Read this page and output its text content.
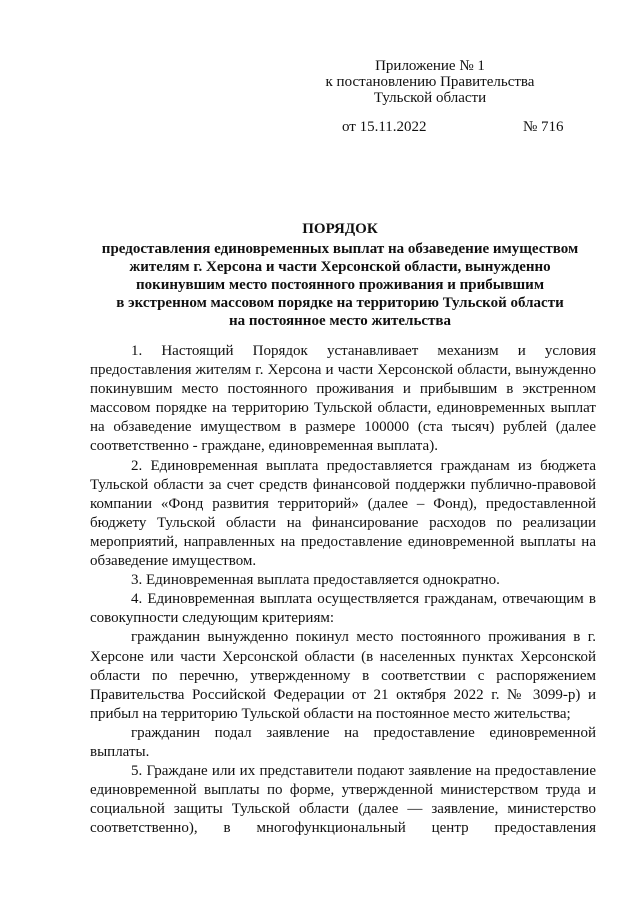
Приложение № 1
к постановлению Правительства
Тульской области
от 15.11.2022	№ 716
ПОРЯДОК
предоставления единовременных выплат на обзаведение имуществом
жителям г. Херсона и части Херсонской области, вынужденно
покинувшим место постоянного проживания и прибывшим
в экстренном массовом порядке на территорию Тульской области
на постоянное место жительства

1. Настоящий Порядок устанавливает механизм и условия предоставления жителям г. Херсона и части Херсонской области, вынужденно покинувшим место постоянного проживания и прибывшим в экстренном массовом порядке на территорию Тульской области, единовременных выплат на обзаведение имуществом в размере 100000 (ста тысяч) рублей (далее соответственно - граждане, единовременная выплата).

2. Единовременная выплата предоставляется гражданам из бюджета Тульской области за счет средств финансовой поддержки публично-правовой компании «Фонд развития территорий» (далее – Фонд), предоставленной бюджету Тульской области на финансирование расходов по реализации мероприятий, направленных на предоставление единовременной выплаты на обзаведение имуществом.

3. Единовременная выплата предоставляется однократно.

4. Единовременная выплата осуществляется гражданам, отвечающим в совокупности следующим критериям:

гражданин вынужденно покинул место постоянного проживания в г. Херсоне или части Херсонской области (в населенных пунктах Херсонской области по перечню, утвержденному в соответствии с распоряжением Правительства Российской Федерации от 21 октября 2022 г. № 3099-р) и прибыл на территорию Тульской области на постоянное место жительства;

гражданин подал заявление на предоставление единовременной выплаты.

5. Граждане или их представители подают заявление на предоставление единовременной выплаты по форме, утвержденной министерством труда и социальной защиты Тульской области (далее — заявление, министерство соответственно), в многофункциональный центр предоставления
